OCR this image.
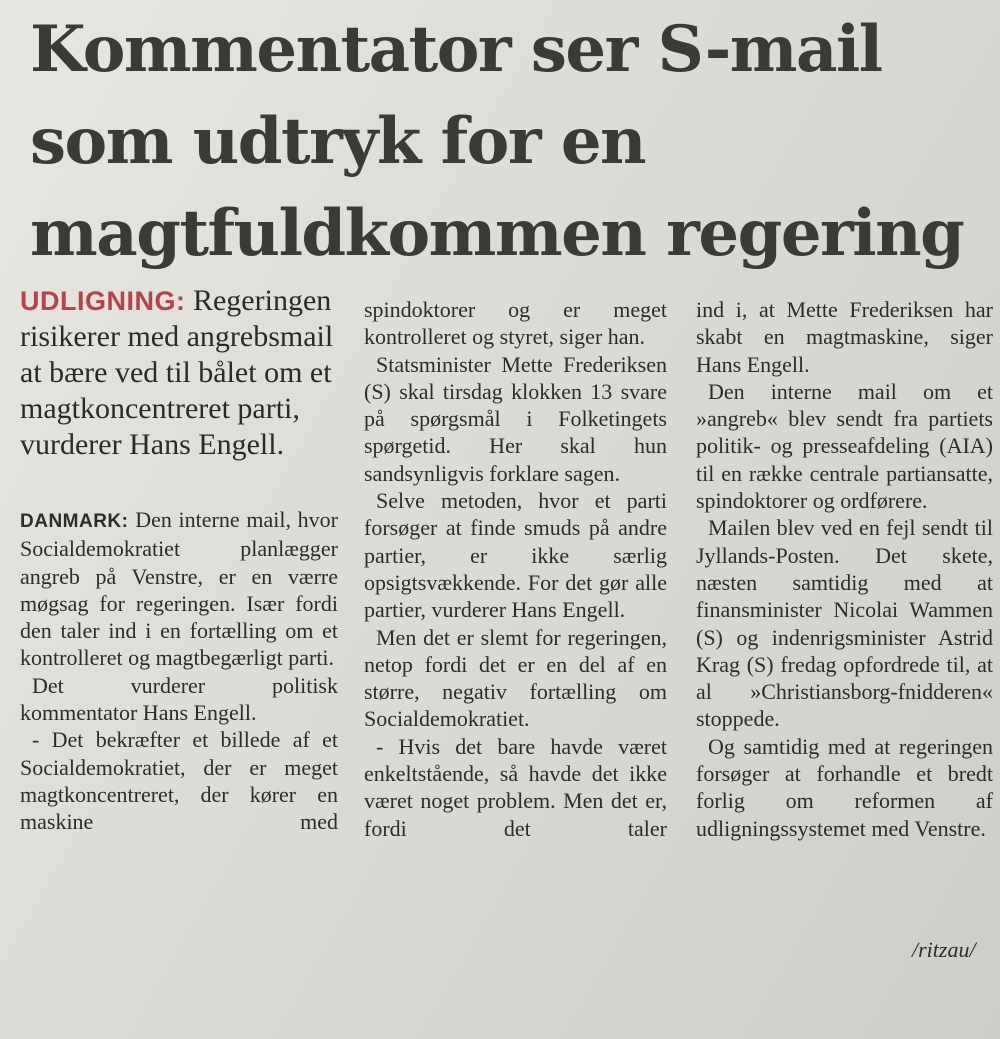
Kommentator ser S-mail
som udtryk for en
magtfuldkommen regering

UDLIGNING: Regeringen risikerer med angrebsmail at bære ved til bålet om et magtkoncentreret parti, vurderer Hans Engell.

DANMARK: Den interne mail, hvor Socialdemokratiet planlægger angreb på Venstre, er en værre møgsag for regeringen. Især fordi den taler ind i en fortælling om et kontrolleret og magtbegærligt parti.

Det vurderer politisk kommentator Hans Engell.

- Det bekræfter et billede af et Socialdemokratiet, der er meget magtkoncentreret, der kører en maskine med

spindoktorer og er meget kontrolleret og styret, siger han.

Statsminister Mette Frederiksen (S) skal tirsdag klokken 13 svare på spørgsmål i Folketingets spørgetid. Her skal hun sandsynligvis forklare sagen.

Selve metoden, hvor et parti forsøger at finde smuds på andre partier, er ikke særlig opsigtsvækkende. For det gør alle partier, vurderer Hans Engell.

Men det er slemt for regeringen, netop fordi det er en del af en større, negativ fortælling om Socialdemokratiet.

- Hvis det bare havde været enkeltstående, så havde det ikke været noget problem. Men det er, fordi det taler

ind i, at Mette Frederiksen har skabt en magtmaskine, siger Hans Engell.

Den interne mail om et »angreb« blev sendt fra partiets politik- og presseafdeling (AIA) til en række centrale partiansatte, spindoktorer og ordførere.

Mailen blev ved en fejl sendt til Jyllands-Posten. Det skete, næsten samtidig med at finansminister Nicolai Wammen (S) og indenrigsminister Astrid Krag (S) fredag opfordrede til, at al »Christiansborg-fnidderen« stoppede.

Og samtidig med at regeringen forsøger at forhandle et bredt forlig om reformen af udligningssystemet med Venstre.

/ritzau/
